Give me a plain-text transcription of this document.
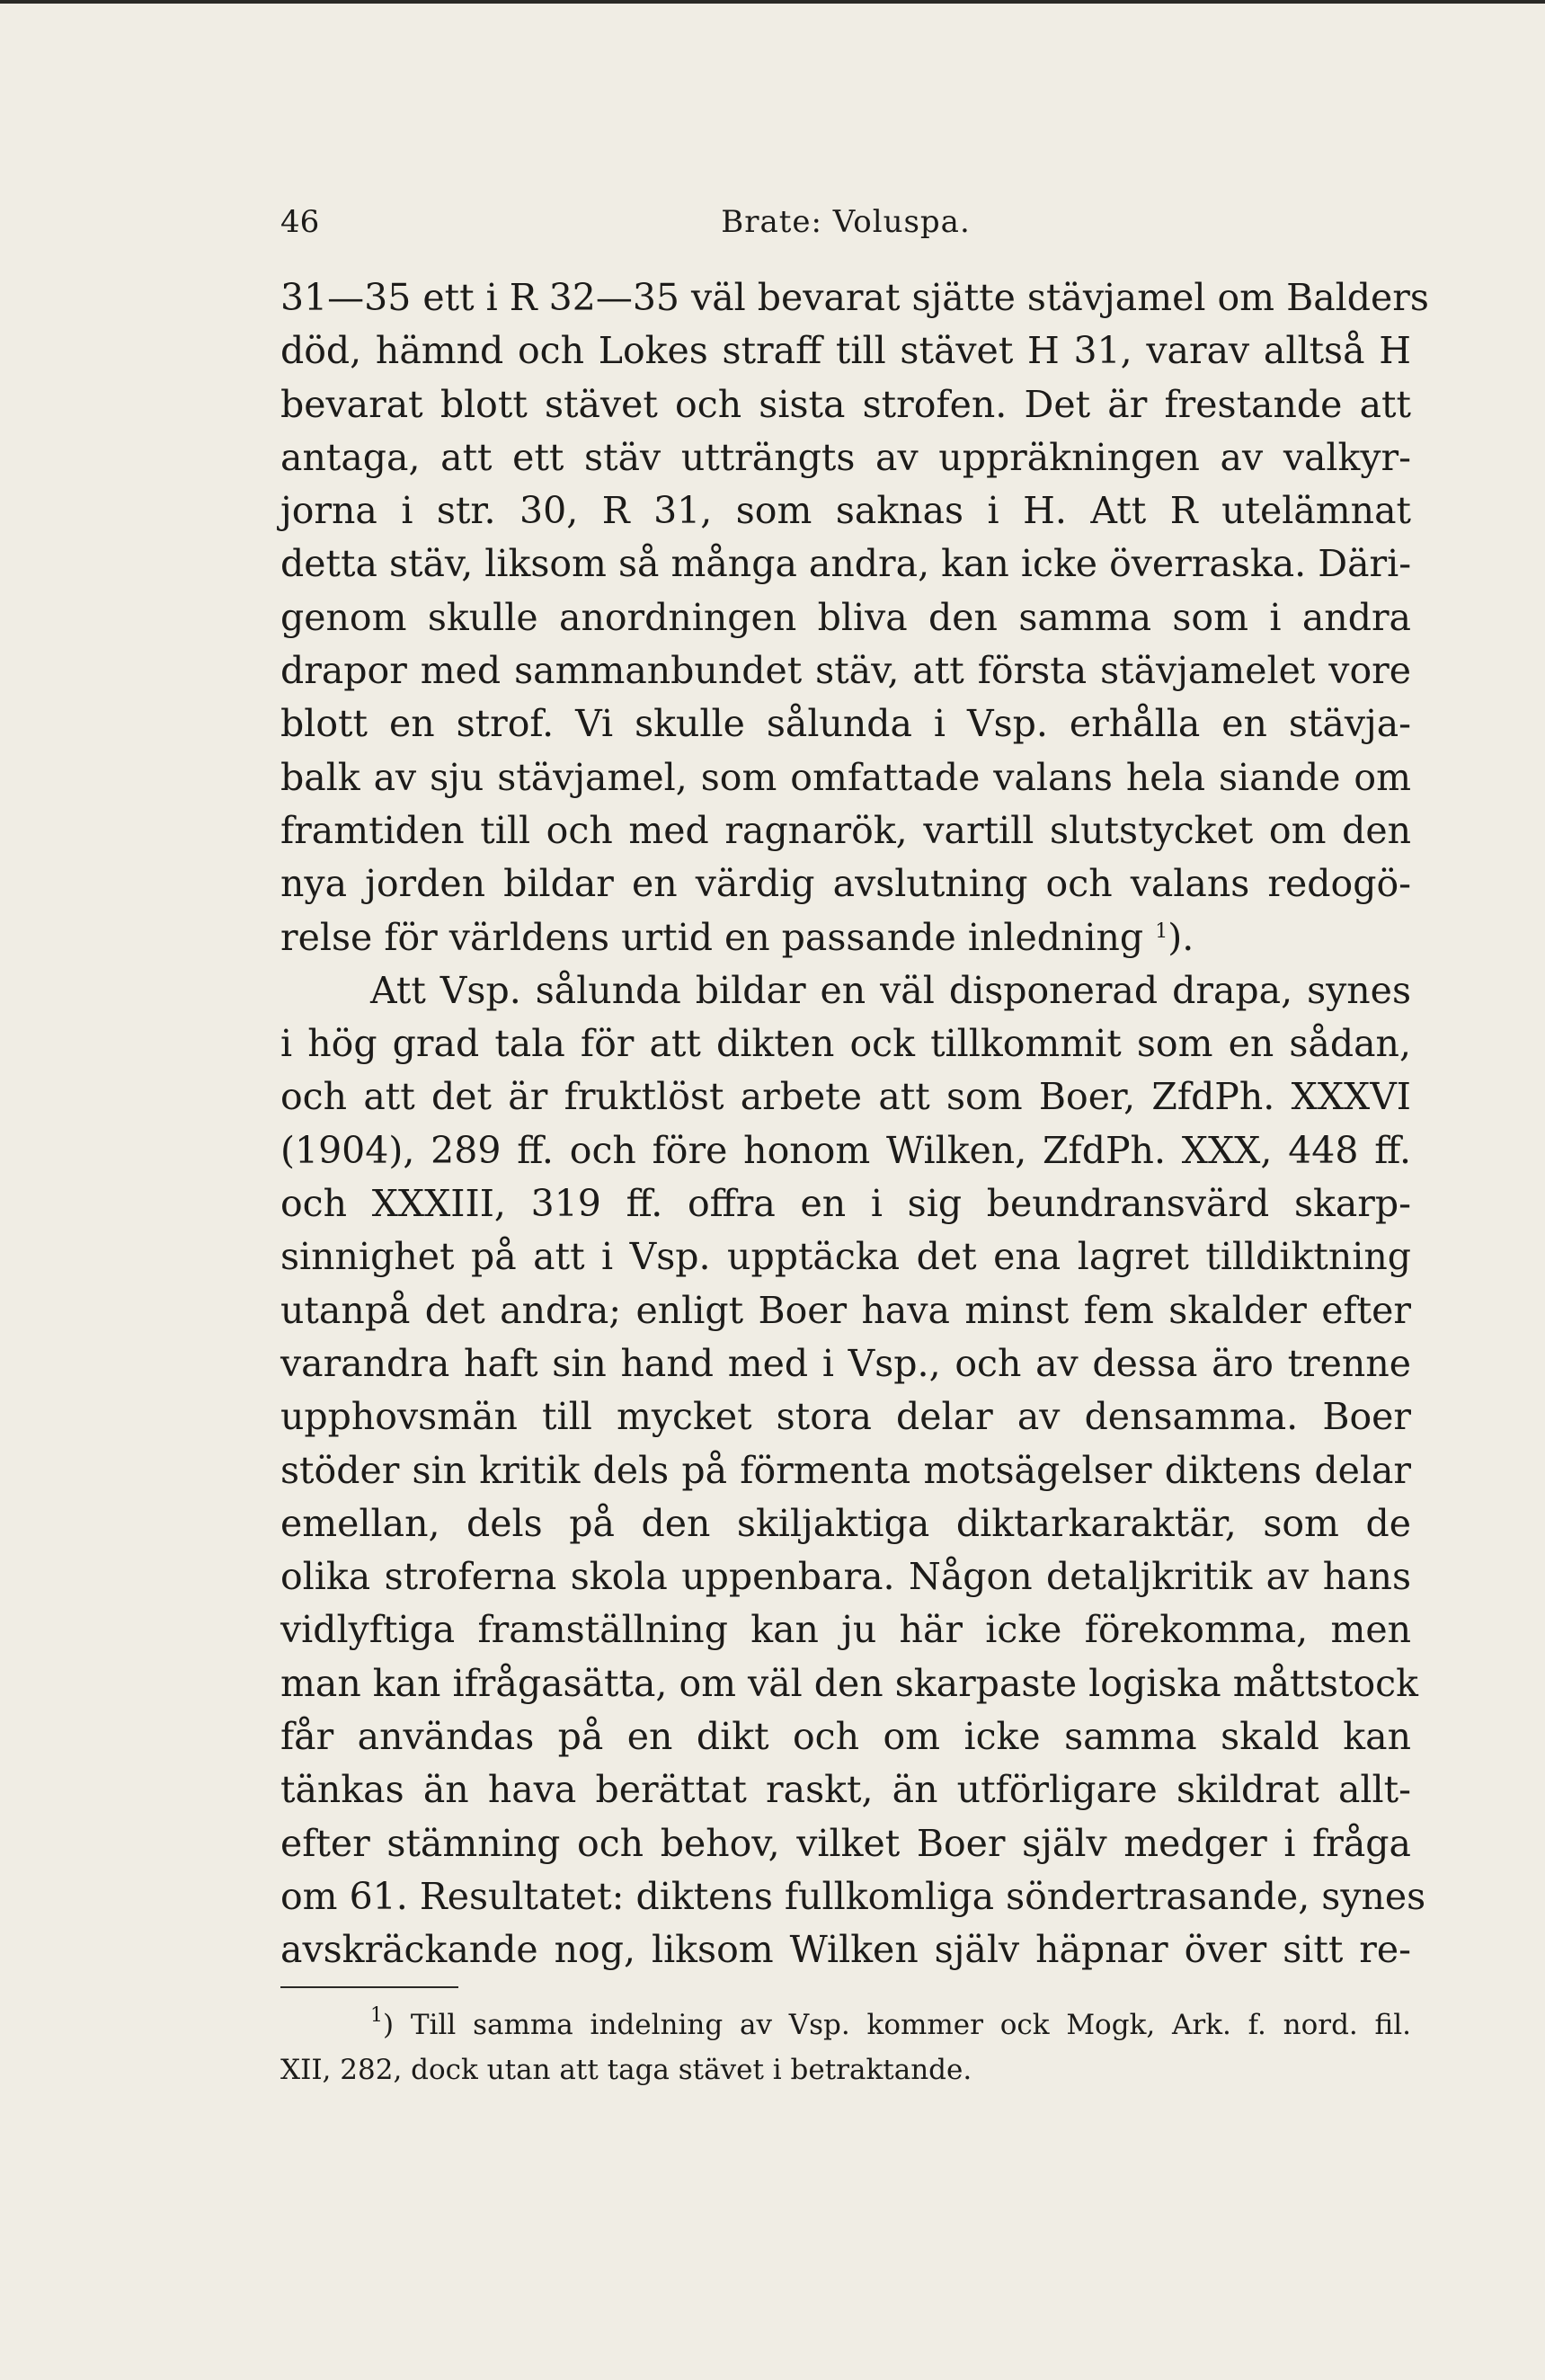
46	Brate: Voluspa.
31—35 ett i R 32—35 väl bevarat sjätte stävjamel om Balders
död, hämnd och Lokes straff till stävet H 31, varav alltså H
bevarat blott stävet och sista strofen. Det är frestande att
antaga, att ett stäv utträngts av uppräkningen av valkyr-
jorna i str. 30, R 31, som saknas i H. Att R utelämnat
detta stäv, liksom så många andra, kan icke överraska. Däri-
genom skulle anordningen bliva den samma som i andra
drapor med sammanbundet stäv, att första stävjamelet vore
blott en strof. Vi skulle sålunda i Vsp. erhålla en stävja-
balk av sju stävjamel, som omfattade valans hela siande om
framtiden till och med ragnarök, vartill slutstycket om den
nya jorden bildar en värdig avslutning och valans redogö-
relse för världens urtid en passande inledning $^1$).
Att Vsp. sålunda bildar en väl disponerad drapa, synes
i hög grad tala för att dikten ock tillkommit som en sådan,
och att det är fruktlöst arbete att som Boer, ZfdPh. XXXVI
(1904), 289 ff. och före honom Wilken, ZfdPh. XXX, 448 ff.
och XXXIII, 319 ff. offra en i sig beundransvärd skarp-
sinnighet på att i Vsp. upptäcka det ena lagret tilldiktning
utanpå det andra; enligt Boer hava minst fem skalder efter
varandra haft sin hand med i Vsp., och av dessa äro trenne
upphovsmän till mycket stora delar av densamma. Boer
stöder sin kritik dels på förmenta motsägelser diktens delar
emellan, dels på den skiljaktiga diktarkaraktär, som de
olika stroferna skola uppenbara. Någon detaljkritik av hans
vidlyftiga framställning kan ju här icke förekomma, men
man kan ifrågasätta, om väl den skarpaste logiska måttstock
får användas på en dikt och om icke samma skald kan
tänkas än hava berättat raskt, än utförligare skildrat allt-
efter stämning och behov, vilket Boer själv medger i fråga
om 61. Resultatet: diktens fullkomliga söndertrasande, synes
avskräckande nog, liksom Wilken själv häpnar över sitt re-
$^1$) Till samma indelning av Vsp. kommer ock Mogk, Ark. f. nord. fil.
XII, 282, dock utan att taga stävet i betraktande.
